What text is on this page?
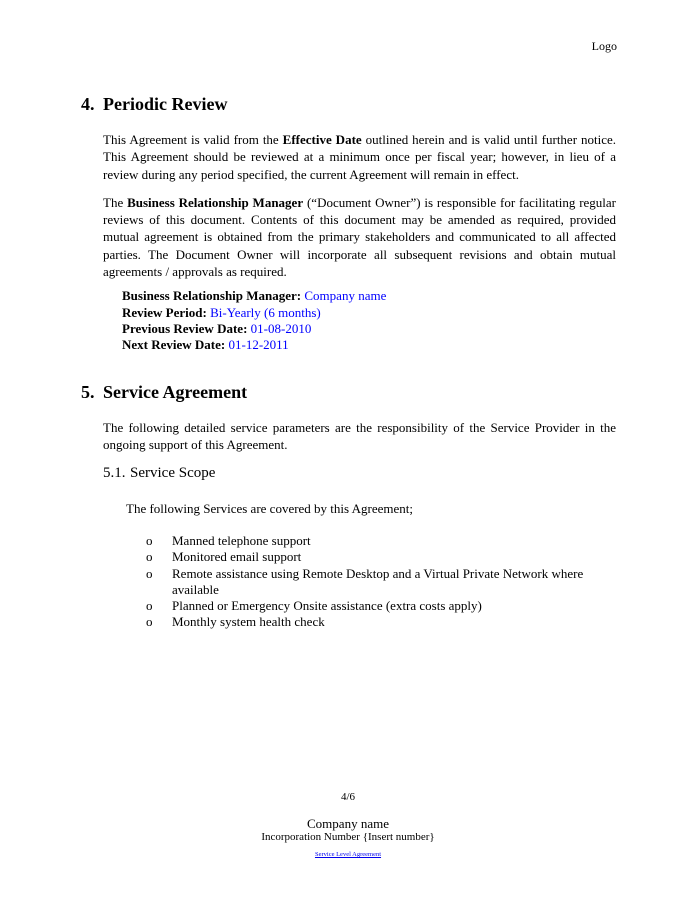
Logo
4. Periodic Review

This Agreement is valid from the Effective Date outlined herein and is valid until further notice. This Agreement should be reviewed at a minimum once per fiscal year; however, in lieu of a review during any period specified, the current Agreement will remain in effect.

The Business Relationship Manager (“Document Owner”) is responsible for facilitating regular reviews of this document. Contents of this document may be amended as required, provided mutual agreement is obtained from the primary stakeholders and communicated to all affected parties. The Document Owner will incorporate all subsequent revisions and obtain mutual agreements / approvals as required.

Business Relationship Manager: Company name
Review Period: Bi-Yearly (6 months)
Previous Review Date: 01-08-2010
Next Review Date: 01-12-2011
5. Service Agreement

The following detailed service parameters are the responsibility of the Service Provider in the ongoing support of this Agreement.

5.1. Service Scope

The following Services are covered by this Agreement;

o	Manned telephone support
o	Monitored email support
o	Remote assistance using Remote Desktop and a Virtual Private Network where available
o	Planned or Emergency Onsite assistance (extra costs apply)
o	Monthly system health check
4/6
Company name
Incorporation Number {Insert number}
Service Level Agreement
